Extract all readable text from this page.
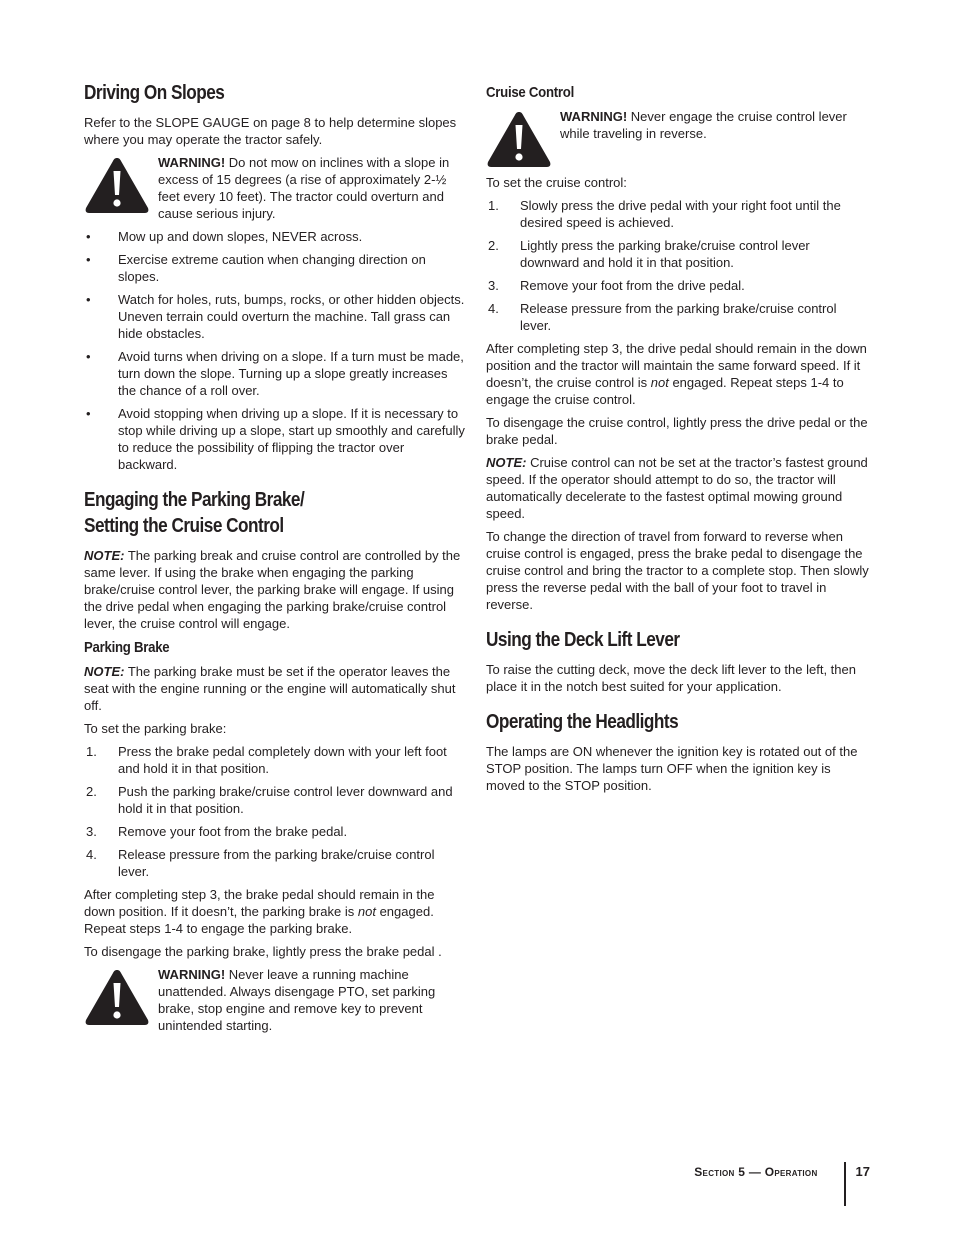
Driving On Slopes

Refer to the SLOPE GAUGE on page 8 to help determine slopes where you may operate the tractor safely.

WARNING! Do not mow on inclines with a slope in excess of 15 degrees (a rise of approximately 2-½ feet every 10 feet). The tractor could overturn and cause serious injury.
• Mow up and down slopes, NEVER across.
• Exercise extreme caution when changing direction on slopes.
• Watch for holes, ruts, bumps, rocks, or other hidden objects. Uneven terrain could overturn the machine. Tall grass can hide obstacles.
• Avoid turns when driving on a slope. If a turn must be made, turn down the slope. Turning up a slope greatly increases the chance of a roll over.
• Avoid stopping when driving up a slope. If it is necessary to stop while driving up a slope, start up smoothly and carefully to reduce the possibility of flipping the tractor over backward.
Engaging the Parking Brake/
Setting the Cruise Control

NOTE: The parking break and cruise control are controlled by the same lever. If using the brake when engaging the parking brake/cruise control lever, the parking brake will engage. If using the drive pedal when engaging the parking brake/cruise control lever, the cruise control will engage.

Parking Brake

NOTE: The parking brake must be set if the operator leaves the seat with the engine running or the engine will automatically shut off.

To set the parking brake:

1. Press the brake pedal completely down with your left foot and hold it in that position.
2. Push the parking brake/cruise control lever downward and hold it in that position.
3. Remove your foot from the brake pedal.
4. Release pressure from the parking brake/cruise control lever.

After completing step 3, the brake pedal should remain in the down position. If it doesn’t, the parking brake is not engaged. Repeat steps 1-4 to engage the parking brake.

To disengage the parking brake, lightly press the brake pedal .

WARNING! Never leave a running machine unattended. Always disengage PTO, set parking brake, stop engine and remove key to prevent unintended starting.
Cruise Control
WARNING! Never engage the cruise control lever while traveling in reverse.

To set the cruise control:

1. Slowly press the drive pedal with your right foot until the desired speed is achieved.
2. Lightly press the parking brake/cruise control lever downward and hold it in that position.
3. Remove your foot from the drive pedal.
4. Release pressure from the parking brake/cruise control lever.

After completing step 3, the drive pedal should remain in the down position and the tractor will maintain the same forward speed. If it doesn’t, the cruise control is not engaged. Repeat steps 1-4 to engage the cruise control.

To disengage the cruise control, lightly press the drive pedal or the brake pedal.

NOTE: Cruise control can not be set at the tractor’s fastest ground speed. If the operator should attempt to do so, the tractor will automatically decelerate to the fastest optimal mowing ground speed.

To change the direction of travel from forward to reverse when cruise control is engaged, press the brake pedal to disengage the cruise control and bring the tractor to a complete stop. Then slowly press the reverse pedal with the ball of your foot to travel in reverse.

Using the Deck Lift Lever

To raise the cutting deck, move the deck lift lever to the left, then place it in the notch best suited for your application.

Operating the Headlights

The lamps are ON whenever the ignition key is rotated out of the STOP position. The lamps turn OFF when the ignition key is moved to the STOP position.

Section 5 — Operation	17
